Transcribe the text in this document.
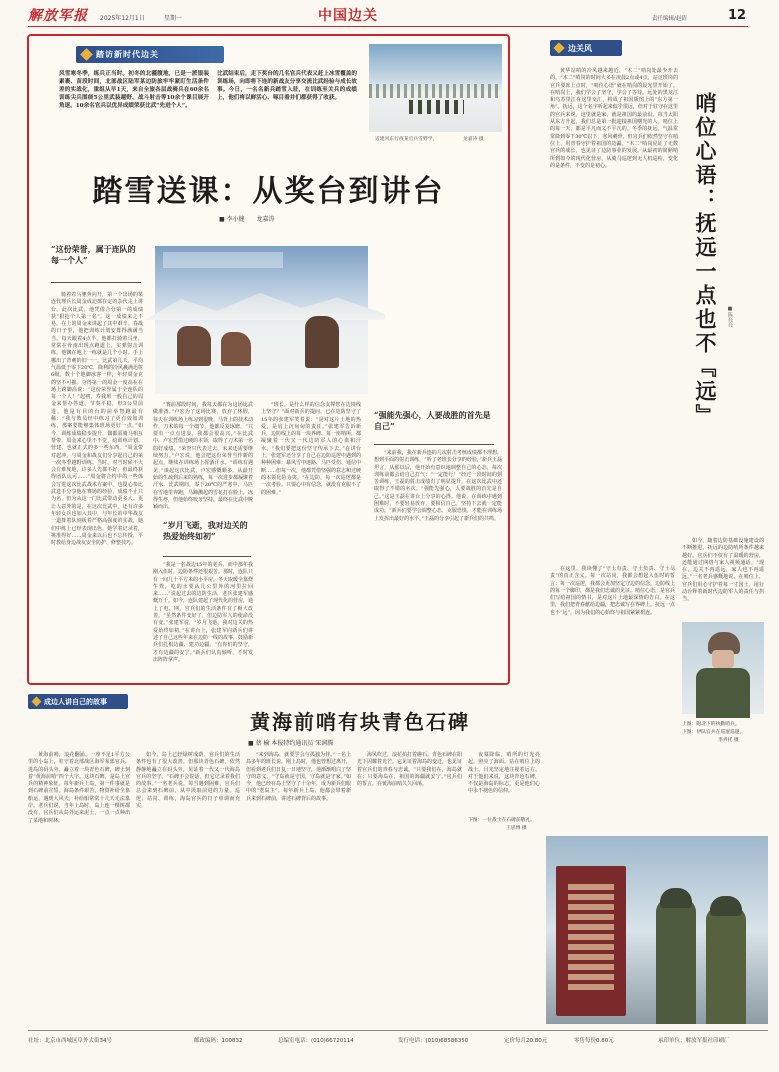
解放军报 2025年12月1日	星期一	中国边关	责任编辑/赵倩	12
踏访新时代边关
风雪寒冬季，练兵正当时。初冬的北疆腹地，已是一派银装素裹、苗段时间，北部战区陆军某边防旅牢牢紧盯生活条件差的实战化，重组从早1天，来自全旅各层战骑兵在60余名训练尖兵围绕5公里武装越野、战斗射击等10余个课目展开角逐。10余名官兵以优异成绩荣获比武“先进个人”。
比武结束后，走下奖台的几名官兵代表又赶上冰雪覆盖的训练场，向即将下连的新战友分享交流比武经验与成长故事。今日，一名名新兵踏雪入驻，在训练至关兵的成绩上，他们将以鲜活心、啄目着并们都获得了收获。
近建风东行疫某官兵雪野学，	龙嘉涛 摄
踏雪送课：从奖台到讲台
■ 李小健 龙嘉涛
“这份荣誉，属于连队的每一个人”
骑着着马驰奔向开，第一个出场的某连代理兵长周金成迫都在定的杂代走上讲台。此次比武，他凭借合分第一的成绩获“狠抢个人第一名”。这一成绩来之不易。在上的周金来讲起了其中艰辛。春战的日子里，他把训练计划安排得满满当当。每天跟着4点半，他都打骑着马坐，常常在骨南出现点跑道上，实弹射击训练，他飘在地上一练就是几个小时。手上哪出了背刺的旧一一。比武第几天，平均气温低于零下20℃，降利的冷风裹满迅射6级。数十个地脚冰客一样，年轻周金克的坚不可摧。夺得第一的周金一度高在在场上跨脚高说：“这份荣誉属于全连队的每一个人！”起初，寿我班一般自己的周金来帮办答道，节奏平稳，但3公里前进，他是有目的台的前举智跑最有稀：“我与教员经中练习了更有效加训练，那案要能够集体班场更好一点。”如今，训练成绩稳步提升，偶都需骑马相互帮带。周金来心里不不觉，给训练计划、营建、也就正式的多一些东西。“周金带对起冲，与周金和战友们分享起自己的第一次冬季越野训练。当时，对当时候不大会有难度地，许多人先都不好，但最终获得团队认可……”周金将合约中的一些体会写进这次比武战术方案中，也提心参比武选手分享他在赛场的经验，成绩不止只为名，但为从这一门比武带动更多人。更让人意外的是，在这次比武中，还有许多年轻女兵也加入其中，与年长的中华战友一道排着队刻板着严格高强度的实战，她们中练上已经表现出色，她学着记录着，挑准得好……周金来以后也不忘传授，平时教给身边战友安全防护、修整技巧。
“赛前那段时间，我每天都在为这场比武做准备。”卢宏为了这场比赛，放弃了休假，每天在训练场上练习到很晚。马背上的技术动作，刀术的每一个细节，他都反复琢磨，“只要有一点点进步，我都会很高兴。”在比武中，卢宏凭借过硬的本领，取得了刀术第一名的好成绩。“荣誉只代表过去，未来还需要继续努力。”卢宏说，他会把这份荣誉当作新的起点，继续在训练场上挥洒汗水。“训练有遇见，”谈起这次比武，卢宏感慨颇多。从最开始的生疏到后来的熟练，每一次进步都凝聚着汗水。比武期间，零下20℃的严寒中，马匹在雪地里奔跑，马蹄溅起的雪花打在脸上，冻得生疼，但他始终咬牙坚持，最终在比武中脱颖而出。
“岁月飞逝，我对边关的热爱始终如初”
“我是一名战边15年的老兵，而中那年我刚入伍时，边防条件还很艰苦。那时，连队只有一间几十平方米的小平房，冬天取暖全靠烧牛粪，吃的水要从几公里外的河里拉回来……”说起过去的边防生活，老兵张建军感慨万千。如今，连队建起了现代化的营房，通上了电、网，官兵们的生活条件有了极大改善。“虽然条件变好了，但边防军人的使命没有变。”张建军说，“岁月飞逝，我对边关的热爱始终如初。”在讲台上，张建军向新兵们讲述了自己这些年来在边防一线的故事，鼓励新兵们扎根边疆、建功边疆。“有你们的坚守，才有边疆的安宁。”新兵们认真倾听，不时发出阵阵掌声。
“班长，是什么样的信念支撑您在边境线上坚守？”面对新兵的提问，已在边防坚守了15年的张建军笑着说：“是对这片土地的热爱，是肩上沉甸甸的责任。”张建军告诉新兵，边防线上的每一块界碑、每一座哨所，都凝聚着一代又一代边防军人的心血和汗水。“我们要把这份坚守传承下去。”在讲台上，张建军还分享了自己在边防巡逻中遇到的种种困难：暴风雪中迷路、马匹受伤、通信中断……但每一次，他都凭借坚强的意志和过硬的本领化险为夷。“在边防，每一次巡逻都是一次考验。只要心中有信念，就没有克服不了的困难。”
“强能先强心，人要战胜的首先是自己”
“来前我，我在新兵连的几次射击考核成绩都不理想，想到平面的射击训练，“听了老班长分享的经验，”新兵王磊坦言，从那以后，他开始有意识地调整自己的心态，每次训练前都会给自己打气：“一定能行！”经过一段时间的刻苦训练，王磊的射击成绩有了明显提升，在这次比武中还取得了不错的名次。“强能先强心，人要战胜的首先是自己。”这是王磊在讲台上分享的心得。他说，在训练中遇到困难时，不要轻易放弃，要相信自己，坚持下去就一定能成功。“新兵们要学会调整心态，克服恐惧，才能在训练场上发挥出最好的水平。”王磊的分享引起了新兵们的共鸣。
边关风
黄华站哨的冷风越来越近，“木二”哨岗处最少开去的。“木二”哨岗的时间大多在凌晨2点或4点，站这班岗的官兵要冻上点时，“哨位心语”就在哨岗的晨光里开始了。在哨岗上，我们学会了坚守，学会了等待。远处的黑龙江和乌苏里江在这里交汇，构成了祖国版图上的“东方第一角”。抚远，这个名字听起来似乎很远，但对于驻守在这里的官兵来说，这里就是家，就是祖国的最前沿。每当太阳从东方升起，我们总是第一批迎接祖国曙光的人。哨位上的每一天，都是平凡而又不平凡的。冬季的抚远，气温常常降到零下30℃以下，寒风刺骨，但官兵们依然坚守在哨位上，用青春守护着祖国的边疆。“木二”哨岗见证了无数官兵的成长，也见证了边防事业的发展。从最初的简陋哨所到如今的现代化营房，从骑马巡逻到无人机巡检，变化的是条件，不变的是初心。	哨位心语：抚远一点也不『远』	■陈亮亮
在这里，我读懂了“守土有责、守土负责、守土尽责”的真正含义。每一次站岗，我都会想起入伍时的誓言；每一次巡逻，我都会更加坚定守边的信念。边防线上的每一个脚印，都是我们忠诚的见证。哨位心语，是官兵们写给祖国的情书，是对这片土地最深情的告白。在这里，我们把青春献给边疆，把忠诚写在界碑上。抚远一点也不“远”，因为我们的心始终与祖国紧紧相连。
如今，随着边防基础设施建设的不断推进，抚远的边防哨所条件越来越好。官兵们不仅有了温暖的营房，还能通过网络与家人视频通话。“现在，边关不再遥远，家人也不再遥远。”一名老兵感慨地说。在哨位上，官兵们用心守护着每一寸国土，用行动诠释着新时代边防军人的责任与担当。
上图：附北下的执勤哨兵。
下图：伊队官兵在巡逻巡逻。
李青托 摄
成边人讲自己的故事
黄海前哨有块青色石碑
■ 蔡 榆 本报特约通讯员 宋润腾
黄海前哨，浪花翻涌。一座不足1平方公里的小岛上，驻守着北部战区海军某部官兵。进岛的码头旁，矗立着一块青色石碑，碑上刻着“黄海前哨”四个大字。这块石碑，是岛上官兵的精神象征。每年新兵上岛，第一件事就是到石碑前宣誓。海岛条件艰苦，物资补给全靠船运，遇到大风天，补给船常常十几天无法靠岸。老兵们说，当年上岛时，岛上连一棵树都没有，官兵们从岛外运来泥土，一点一点种出了菜地和树林。
如今，岛上已经绿树成荫，官兵们的生活条件也有了很大改善。但那块青色石碑，依然静静地矗立在码头旁，见证着一代又一代海岛官兵的坚守。“石碑不会说话，但它记录着我们的故事。”一名老兵说。每当遇到困难，官兵们总会来到石碑前，从中汲取前进的力量。巡逻、站岗、训练，海岛官兵的日子单调而充实。
“来到海岛，就要学会与孤独为伴。”一名上岛多年的班长说。刚上岛时，他也曾想过离开，但看到老兵们日复一日地坚守，他渐渐明白了坚守的意义。“守岛就是守国，守岛就是守家。”如今，他已经在岛上坚守了十余年，成为新兵们眼中的“老岛主”。每年新兵上岛，他都会带着新兵来到石碑前，讲述石碑背后的故事。
海风吹过，浪花拍打着礁石。青色石碑在阳光下闪耀着光芒。它见证着海岛的变迁，也见证着官兵们的青春与忠诚。“只要我们在，海岛就在；只要海岛在，祖国的海疆就安宁。”官兵们的誓言，在黄海前哨久久回荡。
夜幕降临，哨所的灯光亮起，照亮了海面。站在哨位上的战士，目光坚定地注视着远方。对于他们来说，这块青色石碑，不仅是海岛的标志，更是他们心中永不褪色的信仰。
下图：一位战士在石碑前敬礼。
王思博 摄
社址：北京市西城区阜外大街34号	邮政编码：100832	总编室电话：(010)66720114	发行电话：(010)68586350	定价每月20.80元	零售每份0.80元	承印单位：解放军报社印刷厂
